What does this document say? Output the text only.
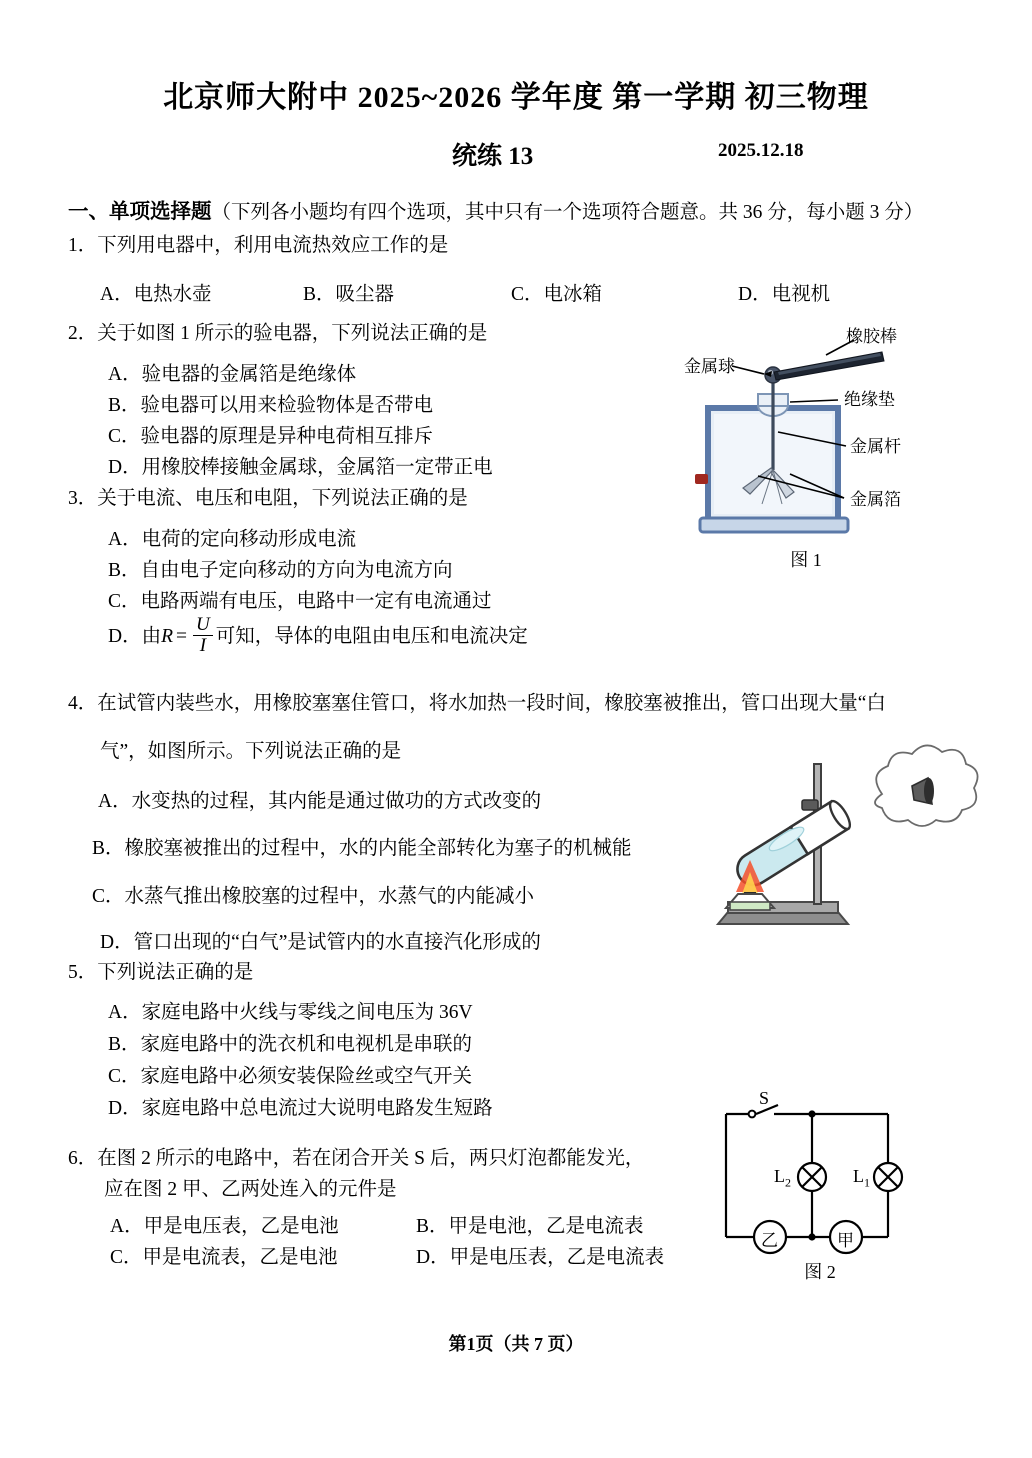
北京师大附中 2025~2026 学年度 第一学期 初三物理
统练 13	2025.12.18
一、单项选择题（下列各小题均有四个选项，其中只有一个选项符合题意。共 36 分，每小题 3 分）
1．下列用电器中，利用电流热效应工作的是
A．电热水壶	B．吸尘器	C．电冰箱	D．电视机
2．关于如图 1 所示的验电器，下列说法正确的是
A．验电器的金属箔是绝缘体
B．验电器可以用来检验物体是否带电
C．验电器的原理是异种电荷相互排斥
D．用橡胶棒接触金属球，金属箔一定带正电
橡胶棒
金属球
绝缘垫
金属杆
金属箔
图 1
3．关于电流、电压和电阻，下列说法正确的是
A．电荷的定向移动形成电流
B．自由电子定向移动的方向为电流方向
C．电路两端有电压，电路中一定有电流通过
D．由$R = \frac{U}{I}$ 可知，导体的电阻由电压和电流决定
4．在试管内装些水，用橡胶塞塞住管口，将水加热一段时间，橡胶塞被推出，管口出现大量“白
气”，如图所示。下列说法正确的是
A．水变热的过程，其内能是通过做功的方式改变的
B．橡胶塞被推出的过程中，水的内能全部转化为塞子的机械能
C．水蒸气推出橡胶塞的过程中，水蒸气的内能减小
D．管口出现的“白气”是试管内的水直接汽化形成的
5．下列说法正确的是
A．家庭电路中火线与零线之间电压为 36V
B．家庭电路中的洗衣机和电视机是串联的
C．家庭电路中必须安装保险丝或空气开关
D．家庭电路中总电流过大说明电路发生短路
6．在图 2 所示的电路中，若在闭合开关 S 后，两只灯泡都能发光，
应在图 2 甲、乙两处连入的元件是
A．甲是电压表，乙是电池	B．甲是电池，乙是电流表
C．甲是电流表，乙是电池	D．甲是电压表，乙是电流表
S
$L_2$	$L_1$
乙	甲
图 2
第1页（共 7 页）
